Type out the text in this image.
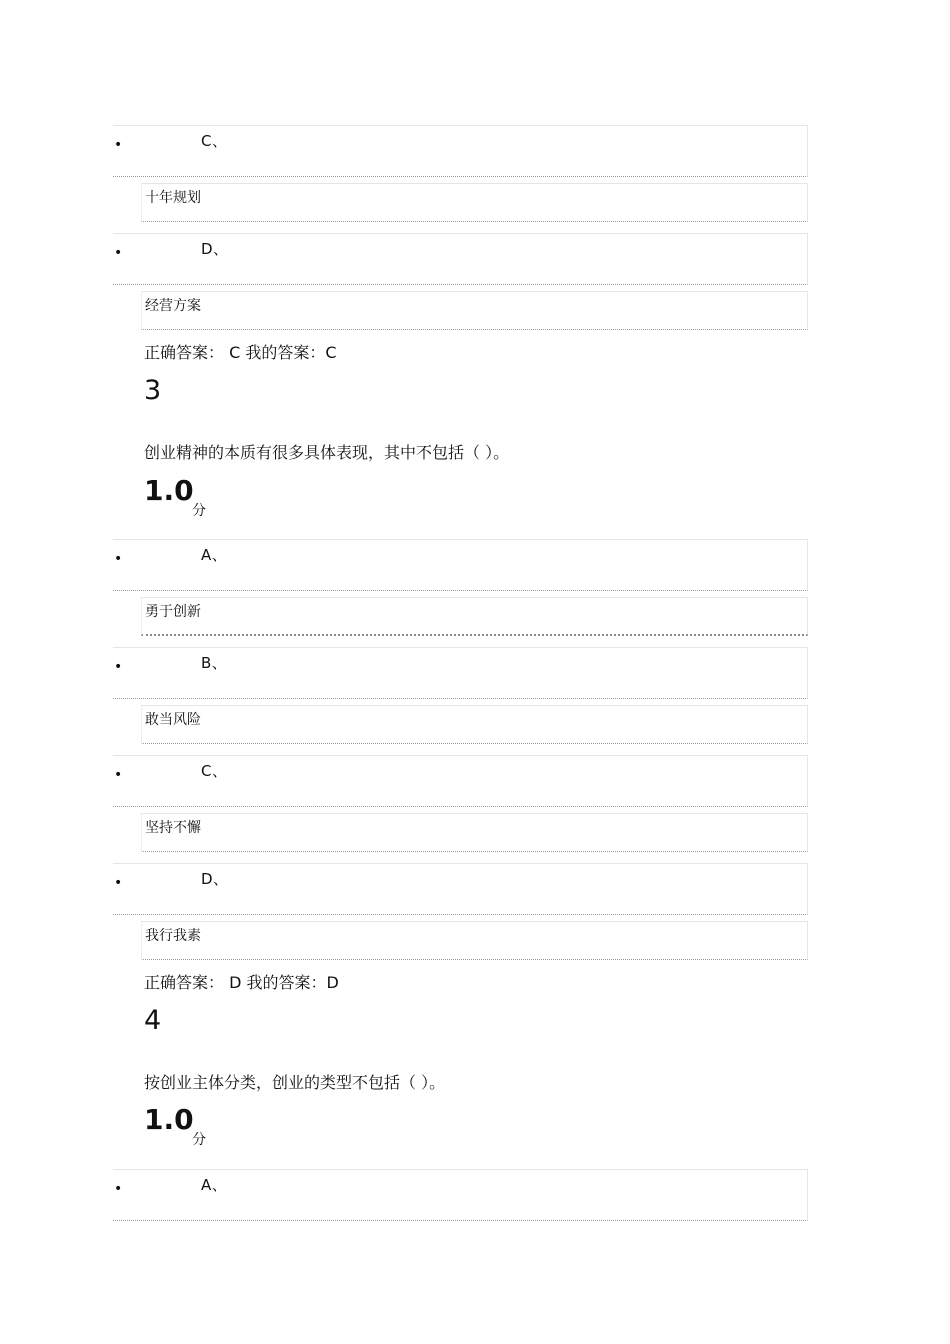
•	C、
十年规划
•	D、
经营方案
正确答案： C 我的答案：C
3
创业精神的本质有很多具体表现，其中不包括（ ）。
1.0
分
•	A、
勇于创新
•	B、
敢当风险
•	C、
坚持不懈
•	D、
我行我素
正确答案： D 我的答案：D
4
按创业主体分类，创业的类型不包括（ ）。
1.0
分
•	A、
